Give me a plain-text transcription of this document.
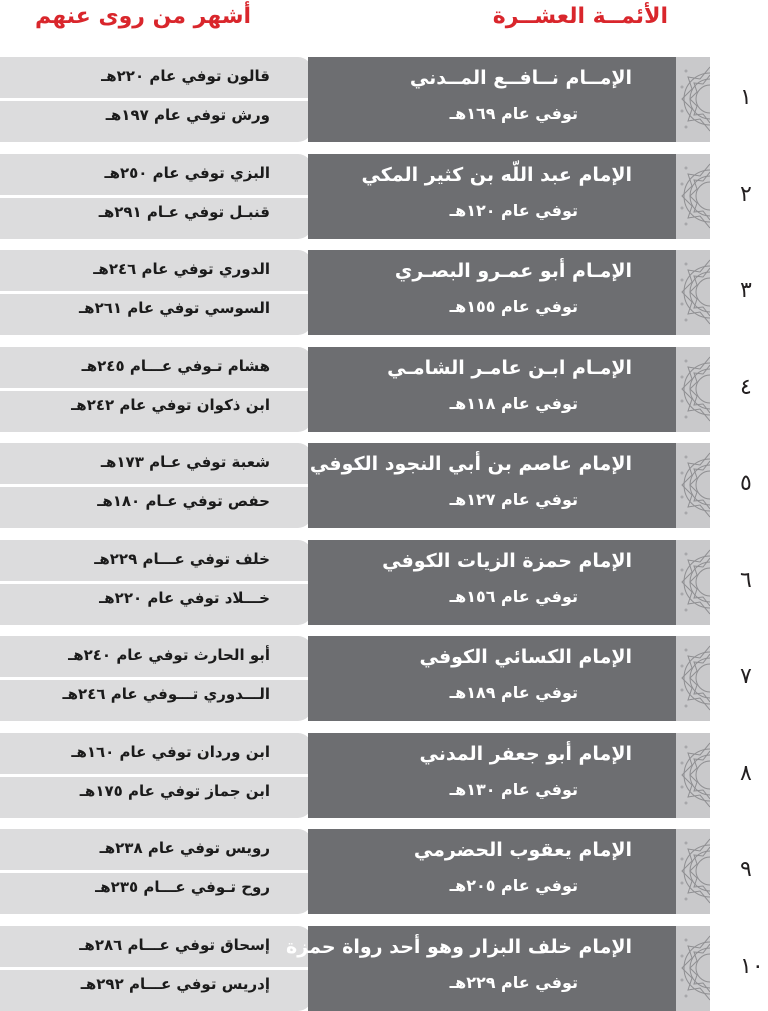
الأئمــة العشــرة
أشهر من روى عنهم
قالون توفي عام ٢٢٠هـ
ورش توفي عام ١٩٧هـ
الإمــام نــافــع المــدني
توفي عام ١٦٩هـ
١
البزي توفي عام ٢٥٠هـ
قنبـل توفي عـام ٢٩١هـ
الإمام عبد اللّه بن كثير المكي
توفي عام ١٢٠هـ
٢
الدوري توفي عام ٢٤٦هـ
السوسي توفي عام ٢٦١هـ
الإمـام أبو عمـرو البصـري
توفي عام ١٥٥هـ
٣
هشام تـوفي عـــام ٢٤٥هـ
ابن ذكوان توفي عام ٢٤٢هـ
الإمـام ابـن عامـر الشامـي
توفي عام ١١٨هـ
٤
شعبة توفي عـام ١٧٣هـ
حفص توفي عـام ١٨٠هـ
الإمام عاصم بن أبي النجود الكوفي
توفي عام ١٢٧هـ
٥
خلف توفي عـــام ٢٢٩هـ
خـــلاد توفي عام ٢٢٠هـ
الإمام حمزة الزيات الكوفي
توفي عام ١٥٦هـ
٦
أبو الحارث توفي عام ٢٤٠هـ
الـــدوري تـــوفي عام ٢٤٦هـ
الإمام الكسائي الكوفي
توفي عام ١٨٩هـ
٧
ابن وردان توفي عام ١٦٠هـ
ابن جماز توفي عام ١٧٥هـ
الإمام أبو جعفر المدني
توفي عام ١٣٠هـ
٨
رويس توفي عام ٢٣٨هـ
روح تـوفي عـــام ٢٣٥هـ
الإمام يعقوب الحضرمي
توفي عام ٢٠٥هـ
٩
إسحاق توفي عـــام ٢٨٦هـ
إدريس توفي عـــام ٢٩٢هـ
الإمام خلف البزار وهو أحد رواة حمزة
توفي عام ٢٢٩هـ
١٠
